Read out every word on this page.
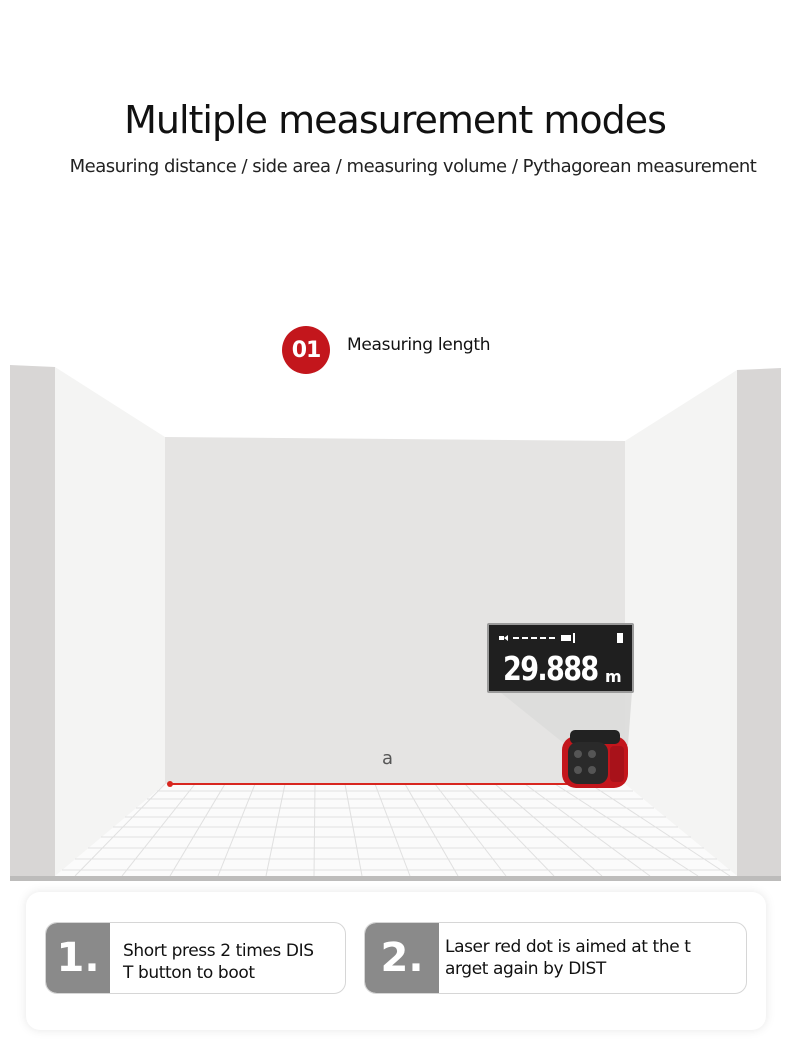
Multiple measurement modes
Measuring distance / side area / measuring volume / Pythagorean measurement
01	Measuring length
a
29.888 m
1.	Short press 2 times DIS
T button to boot	2.	Laser red dot is aimed at the t
arget again by DIST
